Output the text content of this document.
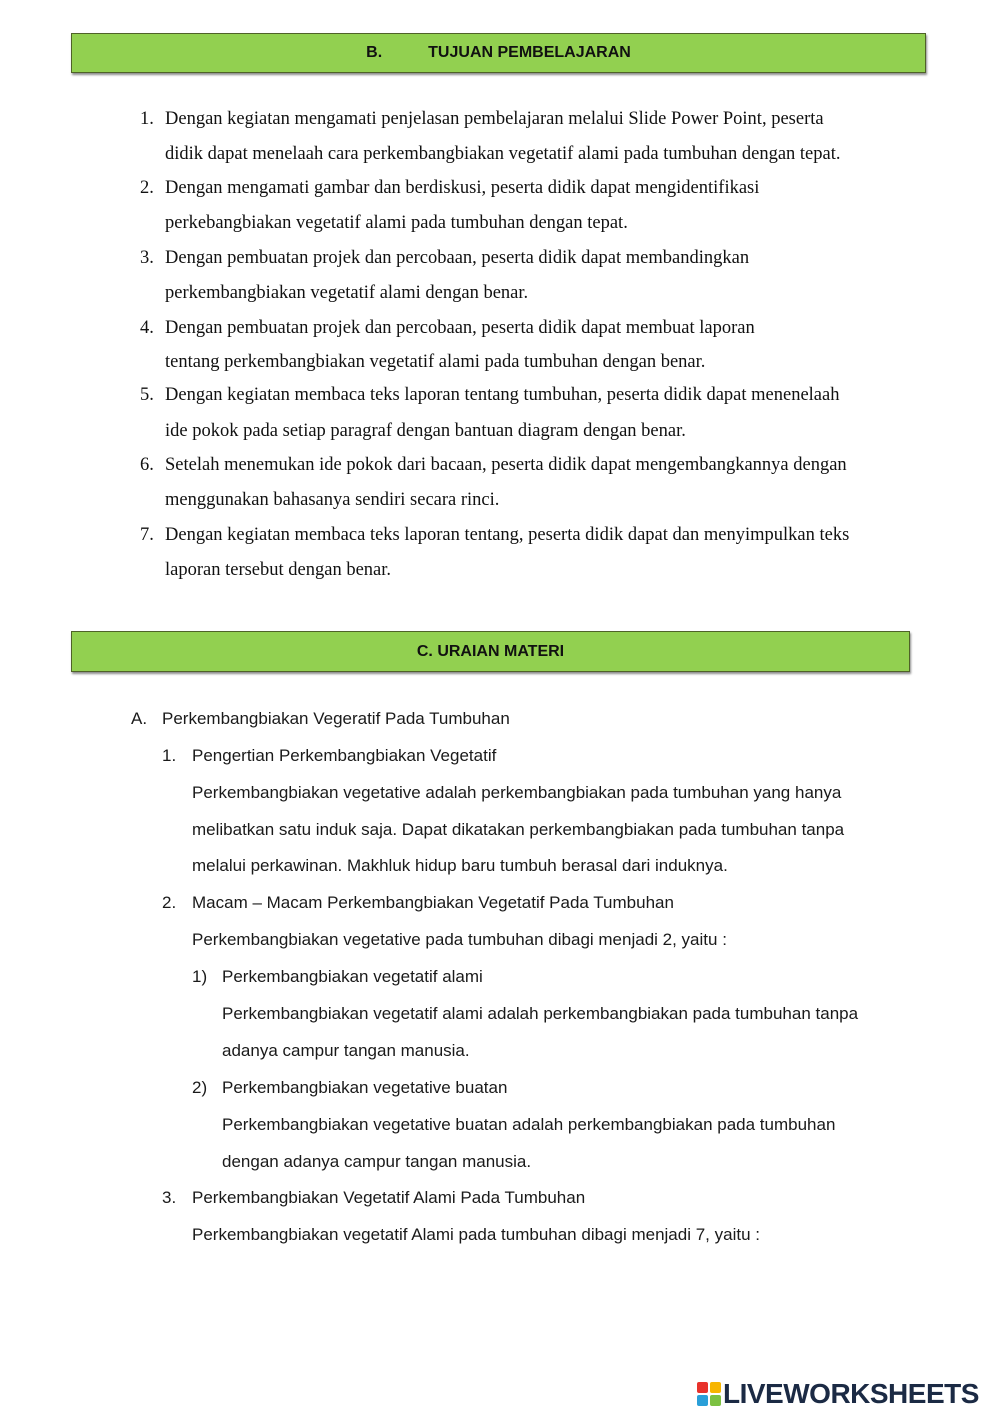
B.	TUJUAN PEMBELAJARAN
1. Dengan kegiatan mengamati penjelasan pembelajaran melalui Slide Power Point, peserta
didik dapat menelaah cara perkembangbiakan vegetatif alami pada tumbuhan dengan tepat.
2. Dengan mengamati gambar dan berdiskusi, peserta didik dapat mengidentifikasi
perkebangbiakan vegetatif alami pada tumbuhan dengan tepat.
3. Dengan pembuatan projek dan percobaan, peserta didik dapat membandingkan
perkembangbiakan vegetatif alami dengan benar.
4. Dengan pembuatan projek dan percobaan, peserta didik dapat membuat laporan
tentang perkembangbiakan vegetatif alami pada tumbuhan dengan benar.
5. Dengan kegiatan membaca teks laporan tentang tumbuhan, peserta didik dapat menenelaah
ide pokok pada setiap paragraf dengan bantuan diagram dengan benar.
6. Setelah menemukan ide pokok dari bacaan, peserta didik dapat mengembangkannya dengan
menggunakan bahasanya sendiri secara rinci.
7. Dengan kegiatan membaca teks laporan tentang, peserta didik dapat dan menyimpulkan teks
laporan tersebut dengan benar.
C. URAIAN MATERI
A. Perkembangbiakan Vegeratif Pada Tumbuhan
1. Pengertian Perkembangbiakan Vegetatif
Perkembangbiakan vegetative adalah perkembangbiakan pada tumbuhan yang hanya
melibatkan satu induk saja. Dapat dikatakan perkembangbiakan pada tumbuhan tanpa
melalui perkawinan. Makhluk hidup baru tumbuh berasal dari induknya.
2. Macam – Macam Perkembangbiakan Vegetatif Pada Tumbuhan
Perkembangbiakan vegetative pada tumbuhan dibagi menjadi 2, yaitu :
1) Perkembangbiakan vegetatif alami
Perkembangbiakan vegetatif alami adalah perkembangbiakan pada tumbuhan tanpa
adanya campur tangan manusia.
2) Perkembangbiakan vegetative buatan
Perkembangbiakan vegetative buatan adalah perkembangbiakan pada tumbuhan
dengan adanya campur tangan manusia.
3. Perkembangbiakan Vegetatif Alami Pada Tumbuhan
Perkembangbiakan vegetatif Alami pada tumbuhan dibagi menjadi 7, yaitu :
LIVEWORKSHEETS
